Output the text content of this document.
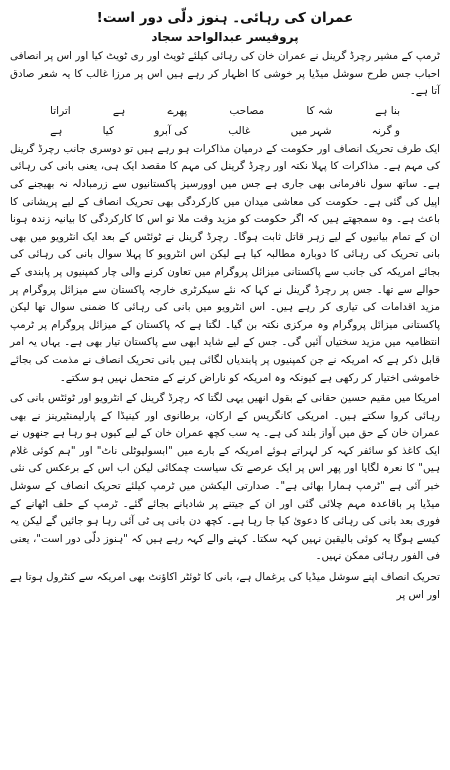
عمران کی رہائی۔ ہنوز دلّی دور است!
پروفیسر عبدالواحد سجاد

ٹرمپ کے مشیر رچرڈ گرینل نے عمران خان کی رہائی کیلئے ٹویٹ اور ری ٹویٹ کیا اور اس پر انصافی احباب جس طرح سوشل میڈیا پر خوشی کا اظہار کر رہے ہیں اس پر مرزا غالب کا یہ شعر صادق آتا ہے۔

بنا ہے
شہ کا
مصاحب
پھرے
ہے
اتراتا
و گرنہ
شہر میں
غالب
کی آبرو
کیا
ہے

ایک طرف تحریک انصاف اور حکومت کے درمیان مذاکرات ہو رہے ہیں تو دوسری جانب رچرڈ گرینل کی مہم ہے۔ مذاکرات کا پہلا نکتہ اور رچرڈ گرینل کی مہم کا مقصد ایک ہی، یعنی بانی کی رہائی ہے۔ ساتھ سول نافرمانی بھی جاری ہے جس میں اوورسیز پاکستانیوں سے زرمبادلہ نہ بھیجنے کی اپیل کی گئی ہے۔ حکومت کی معاشی میدان میں کارکردگی بھی تحریک انصاف کے لیے پریشانی کا باعث ہے۔ وہ سمجھتے ہیں کہ اگر حکومت کو مزید وقت ملا تو اس کا کارکردگی کا بیانیہ زندہ ہونا ان کے تمام بیانیوں کے لیے زہر قاتل ثابت ہوگا۔ رچرڈ گرینل نے ٹوئٹس کے بعد ایک انٹرویو میں بھی بانی تحریک کی رہائی کا دوبارہ مطالبہ کیا ہے لیکن اس انٹرویو کا پہلا سوال بانی کی رہائی کی بجائے امریکہ کی جانب سے پاکستانی میزائل پروگرام میں تعاون کرنے والی چار کمپنیوں پر پابندی کے حوالے سے تھا۔ جس پر رچرڈ گرینل نے کہا کہ نئے سیکرٹری خارجہ پاکستان سے میزائل پروگرام پر مزید اقدامات کی تیاری کر رہے ہیں۔ اس انٹرویو میں بانی کی رہائی کا ضمنی سوال تھا لیکن پاکستانی میزائل پروگرام وہ مرکزی نکتہ بن گیا۔ لگتا ہے کہ پاکستان کے میزائل پروگرام پر ٹرمپ انتظامیہ میں مزید سختیاں آئیں گی۔ جس کے لیے شاید ابھی سے پاکستان تیار بھی ہے۔ یہاں یہ امر قابل ذکر ہے کہ امریکہ نے جن کمپنیوں پر پابندیاں لگائی ہیں بانی تحریک انصاف نے مذمت کی بجائے خاموشی اختیار کر رکھی ہے کیونکہ وہ امریکہ کو ناراض کرنے کے متحمل نہیں ہو سکتے۔

امریکا میں مقیم حسین حقانی کے بقول انھیں یہی لگتا کہ رچرڈ گرینل کے انٹرویو اور ٹوئٹس بانی کی رہائی کروا سکتے ہیں۔ امریکی کانگریس کے ارکان، برطانوی اور کینیڈا کے پارلیمنٹیرینز نے بھی عمران خان کے حق میں آواز بلند کی ہے۔ یہ سب کچھ عمران خان کے لیے کیوں ہو رہا ہے جنھوں نے ایک کاغذ کو سائفر کہہ کر لہراتے ہوئے امریکہ کے بارے میں "ابسولیوٹلی ناٹ" اور "ہم کوئی غلام ہیں" کا نعرہ لگایا اور پھر اس پر ایک عرصے تک سیاست چمکائی لیکن اب اس کے برعکس کی نئی خبر آئی ہے "ٹرمپ ہمارا بھائی ہے"۔ صدارتی الیکشن میں ٹرمپ کیلئے تحریک انصاف کے سوشل میڈیا پر باقاعدہ مہم چلائی گئی اور ان کے جیتنے پر شادیانے بجائے گئے۔ ٹرمپ کے حلف اٹھانے کے فوری بعد بانی کی رہائی کا دعویٰ کیا جا رہا ہے۔ کچھ دن بانی پی ٹی آئی رہا ہو جائیں گے لیکن یہ کیسے ہوگا یہ کوئی بالیقین نہیں کہہ سکتا۔ کہنے والے کہہ رہے ہیں کہ "ہنوز دلّی دور است"، یعنی فی الفور رہائی ممکن نہیں۔

تحریک انصاف اپنے سوشل میڈیا کی یرغمال ہے، بانی کا ٹوئٹر اکاؤنٹ بھی امریکہ سے کنٹرول ہوتا ہے اور اس پر
